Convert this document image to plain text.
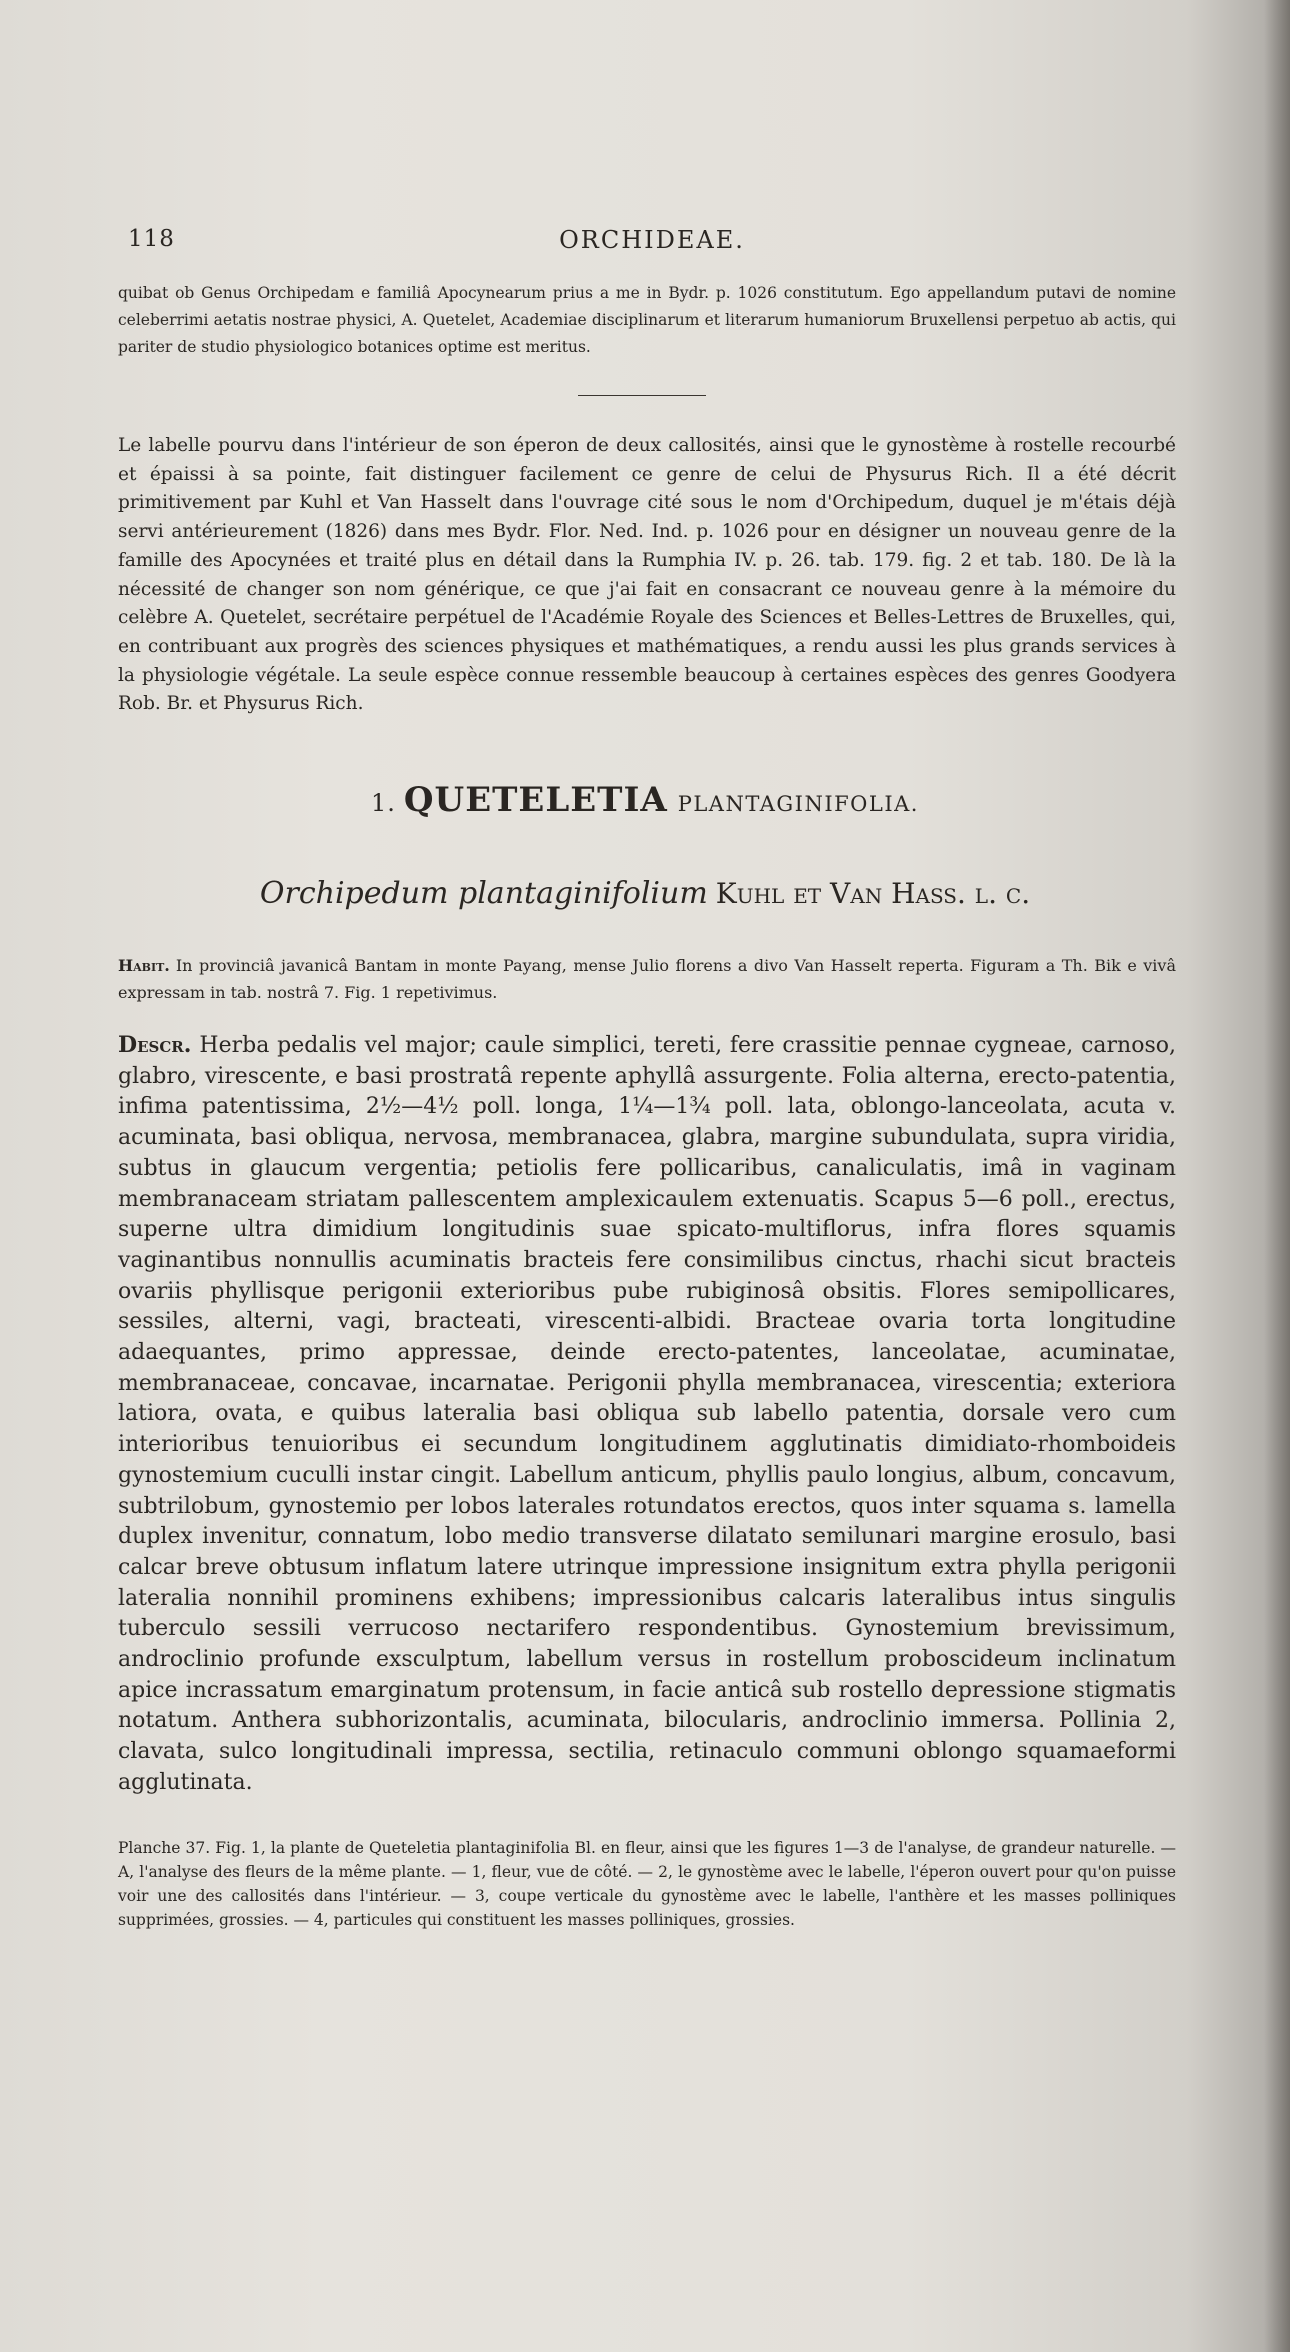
118	ORCHIDEAE.
quibat ob Genus Orchipedam e familiâ Apocynearum prius a me in Bydr. p. 1026 constitutum. Ego appellandum putavi de nomine celeberrimi aetatis nostrae physici, A. Quetelet, Academiae disciplinarum et literarum humaniorum Bruxellensi perpetuo ab actis, qui pariter de studio physiologico botanices optime est meritus.
Le labelle pourvu dans l'intérieur de son éperon de deux callosités, ainsi que le gynostème à rostelle recourbé et épaissi à sa pointe, fait distinguer facilement ce genre de celui de Physurus Rich. Il a été décrit primitivement par Kuhl et Van Hasselt dans l'ouvrage cité sous le nom d'Orchipedum, duquel je m'étais déjà servi antérieurement (1826) dans mes Bydr. Flor. Ned. Ind. p. 1026 pour en désigner un nouveau genre de la famille des Apocynées et traité plus en détail dans la Rumphia IV. p. 26. tab. 179. fig. 2 et tab. 180. De là la nécessité de changer son nom générique, ce que j'ai fait en consacrant ce nouveau genre à la mémoire du celèbre A. Quetelet, secrétaire perpétuel de l'Académie Royale des Sciences et Belles-Lettres de Bruxelles, qui, en contribuant aux progrès des sciences physiques et mathématiques, a rendu aussi les plus grands services à la physiologie végétale. La seule espèce connue ressemble beaucoup à certaines espèces des genres Goodyera Rob. Br. et Physurus Rich.
1. QUETELETIA PLANTAGINIFOLIA.
Orchipedum plantaginifolium Kuhl et Van Hass. l. c.
Habit. In provinciâ javanicâ Bantam in monte Payang, mense Julio florens a divo Van Hasselt reperta. Figuram a Th. Bik e vivâ expressam in tab. nostrâ 7. Fig. 1 repetivimus.
Descr. Herba pedalis vel major; caule simplici, tereti, fere crassitie pennae cygneae, carnoso, glabro, virescente, e basi prostratâ repente aphyllâ assurgente. Folia alterna, erecto-patentia, infima patentissima, 2½—4½ poll. longa, 1¼—1¾ poll. lata, oblongo-lanceolata, acuta v. acuminata, basi obliqua, nervosa, membranacea, glabra, margine subundulata, supra viridia, subtus in glaucum vergentia; petiolis fere pollicaribus, canaliculatis, imâ in vaginam membranaceam striatam pallescentem amplexicaulem extenuatis. Scapus 5—6 poll., erectus, superne ultra dimidium longitudinis suae spicato-multiflorus, infra flores squamis vaginantibus nonnullis acuminatis bracteis fere consimilibus cinctus, rhachi sicut bracteis ovariis phyllisque perigonii exterioribus pube rubiginosâ obsitis. Flores semipollicares, sessiles, alterni, vagi, bracteati, virescenti-albidi. Bracteae ovaria torta longitudine adaequantes, primo appressae, deinde erecto-patentes, lanceolatae, acuminatae, membranaceae, concavae, incarnatae. Perigonii phylla membranacea, virescentia; exteriora latiora, ovata, e quibus lateralia basi obliqua sub labello patentia, dorsale vero cum interioribus tenuioribus ei secundum longitudinem agglutinatis dimidiato-rhomboideis gynostemium cuculli instar cingit. Labellum anticum, phyllis paulo longius, album, concavum, subtrilobum, gynostemio per lobos laterales rotundatos erectos, quos inter squama s. lamella duplex invenitur, connatum, lobo medio transverse dilatato semilunari margine erosulo, basi calcar breve obtusum inflatum latere utrinque impressione insignitum extra phylla perigonii lateralia nonnihil prominens exhibens; impressionibus calcaris lateralibus intus singulis tuberculo sessili verrucoso nectarifero respondentibus. Gynostemium brevissimum, androclinio profunde exsculptum, labellum versus in rostellum proboscideum inclinatum apice incrassatum emarginatum protensum, in facie anticâ sub rostello depressione stigmatis notatum. Anthera subhorizontalis, acuminata, bilocularis, androclinio immersa. Pollinia 2, clavata, sulco longitudinali impressa, sectilia, retinaculo communi oblongo squamaeformi agglutinata.
Planche 37. Fig. 1, la plante de Queteletia plantaginifolia Bl. en fleur, ainsi que les figures 1—3 de l'analyse, de grandeur naturelle. — A, l'analyse des fleurs de la même plante. — 1, fleur, vue de côté. — 2, le gynostème avec le labelle, l'éperon ouvert pour qu'on puisse voir une des callosités dans l'intérieur. — 3, coupe verticale du gynostème avec le labelle, l'anthère et les masses polliniques supprimées, grossies. — 4, particules qui constituent les masses polliniques, grossies.
